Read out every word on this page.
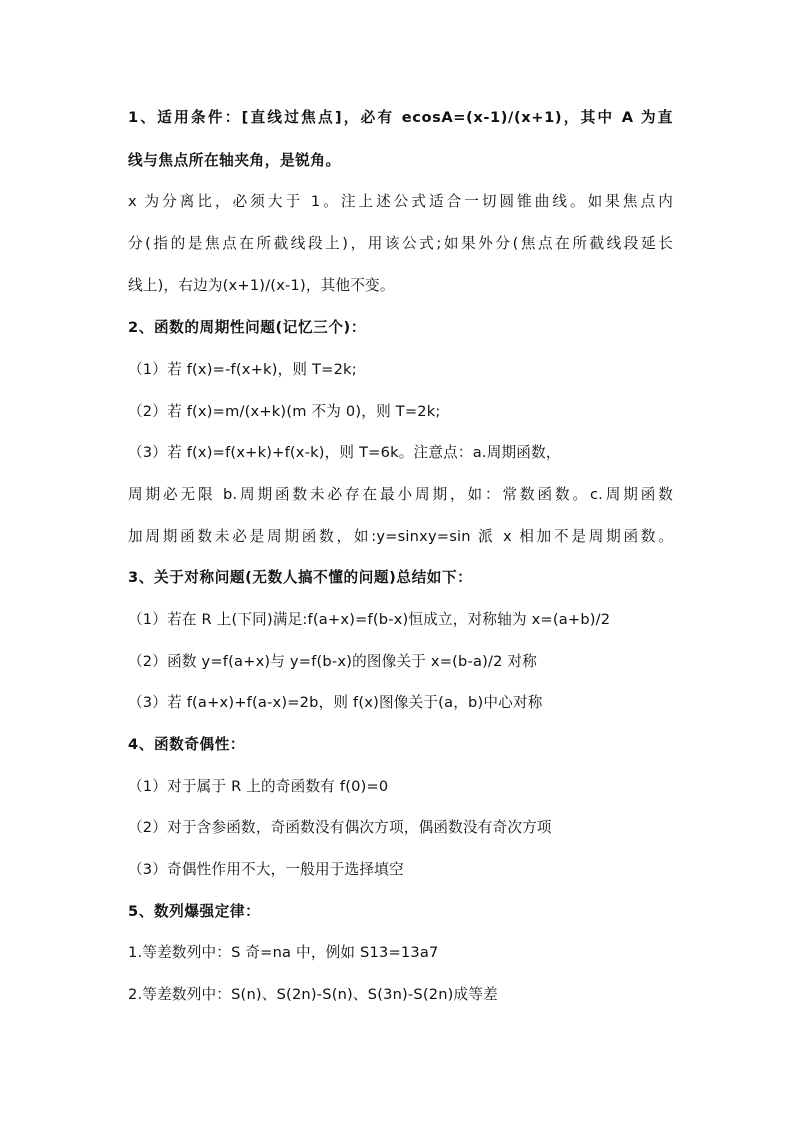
1、适用条件：[直线过焦点]，必有 ecosA=(x-1)/(x+1)，其中 A 为直
线与焦点所在轴夹角，是锐角。
x 为分离比，必须大于 1。注上述公式适合一切圆锥曲线。如果焦点内
分(指的是焦点在所截线段上)，用该公式;如果外分(焦点在所截线段延长
线上)，右边为(x+1)/(x-1)，其他不变。
2、函数的周期性问题(记忆三个)：
（1）若 f(x)=-f(x+k)，则 T=2k;
（2）若 f(x)=m/(x+k)(m 不为 0)，则 T=2k;
（3）若 f(x)=f(x+k)+f(x-k)，则 T=6k。注意点：a.周期函数，
周期必无限 b.周期函数未必存在最小周期，如：常数函数。c.周期函数
加周期函数未必是周期函数，如:y=sinxy=sin 派 x 相加不是周期函数。
3、关于对称问题(无数人搞不懂的问题)总结如下：
（1）若在 R 上(下同)满足:f(a+x)=f(b-x)恒成立，对称轴为 x=(a+b)/2
（2）函数 y=f(a+x)与 y=f(b-x)的图像关于 x=(b-a)/2 对称
（3）若 f(a+x)+f(a-x)=2b，则 f(x)图像关于(a，b)中心对称
4、函数奇偶性：
（1）对于属于 R 上的奇函数有 f(0)=0
（2）对于含参函数，奇函数没有偶次方项，偶函数没有奇次方项
（3）奇偶性作用不大，一般用于选择填空
5、数列爆强定律：
1.等差数列中：S 奇=na 中，例如 S13=13a7
2.等差数列中：S(n)、S(2n)-S(n)、S(3n)-S(2n)成等差
